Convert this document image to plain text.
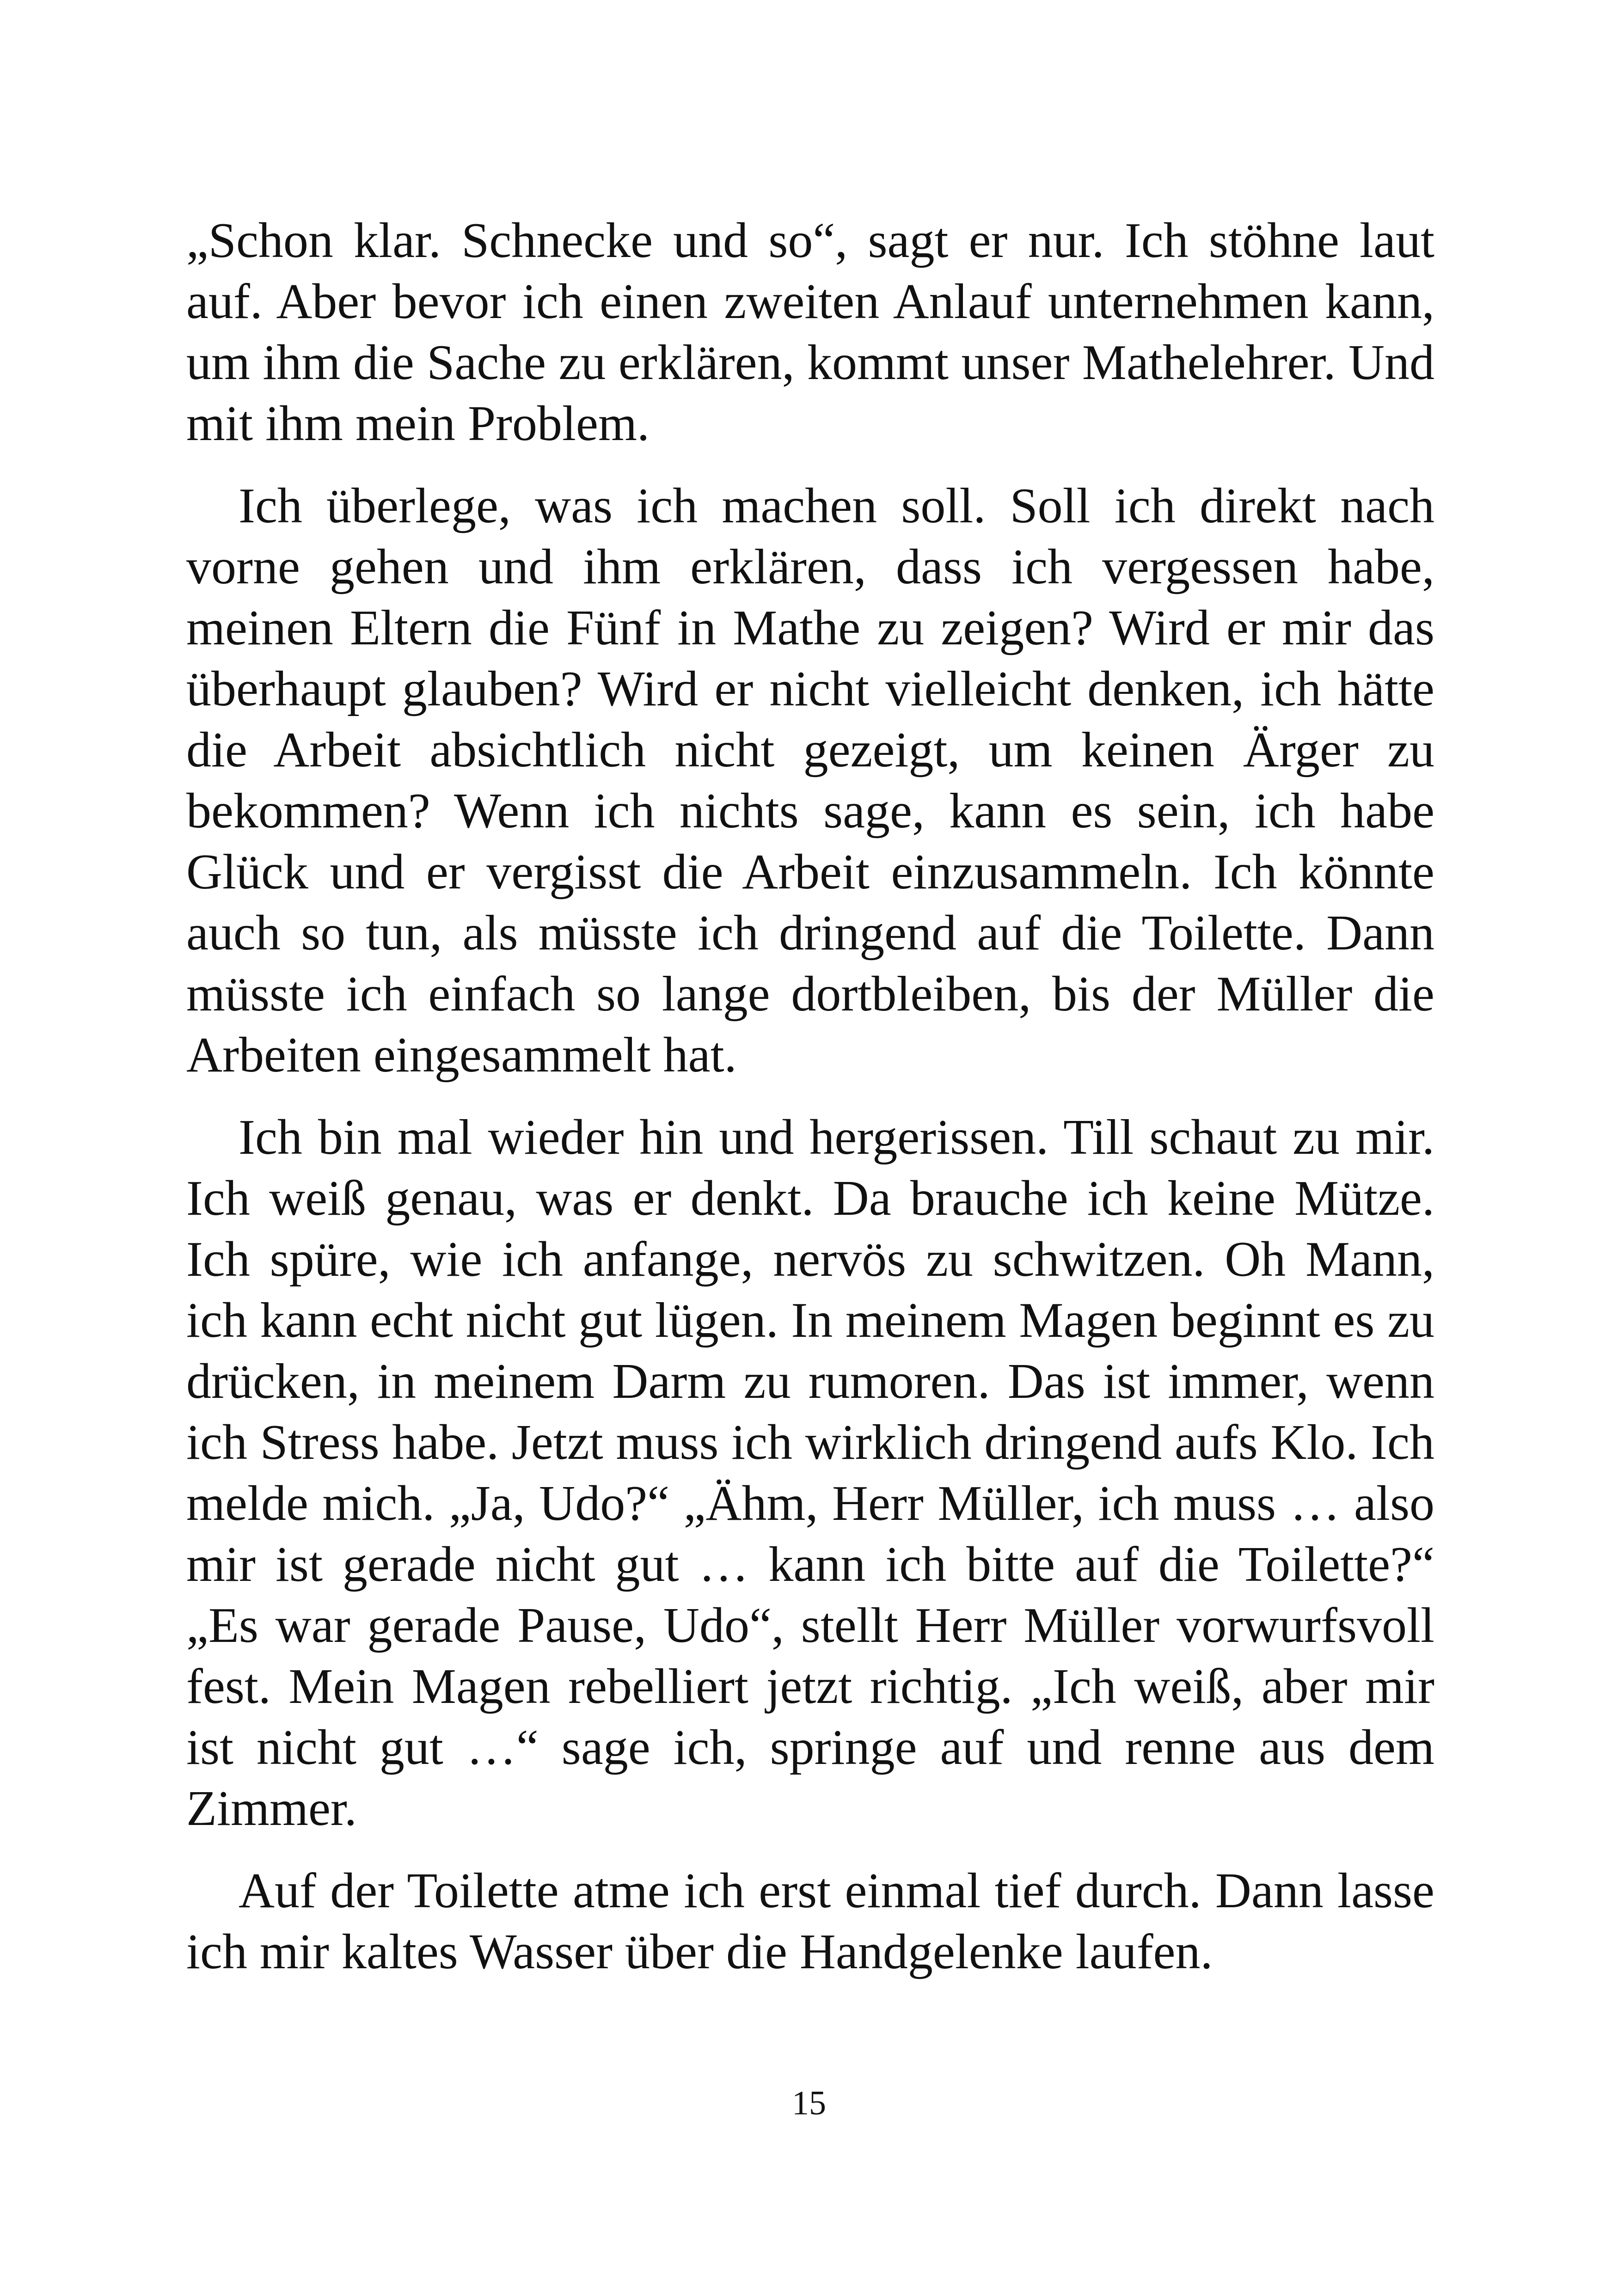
„Schon klar. Schnecke und so“, sagt er nur. Ich stöhne laut auf. Aber bevor ich einen zweiten Anlauf unternehmen kann, um ihm die Sache zu erklären, kommt unser Mathelehrer. Und mit ihm mein Problem.

Ich überlege, was ich machen soll. Soll ich direkt nach vorne gehen und ihm erklären, dass ich vergessen habe, meinen Eltern die Fünf in Mathe zu zeigen? Wird er mir das überhaupt glauben? Wird er nicht vielleicht denken, ich hätte die Arbeit absichtlich nicht gezeigt, um keinen Ärger zu bekommen? Wenn ich nichts sage, kann es sein, ich habe Glück und er vergisst die Arbeit einzusammeln. Ich könnte auch so tun, als müsste ich dringend auf die Toilette. Dann müsste ich einfach so lange dortbleiben, bis der Müller die Arbeiten eingesammelt hat.

Ich bin mal wieder hin und hergerissen. Till schaut zu mir. Ich weiß genau, was er denkt. Da brauche ich keine Mütze. Ich spüre, wie ich anfange, nervös zu schwitzen. Oh Mann, ich kann echt nicht gut lügen. In meinem Magen beginnt es zu drücken, in meinem Darm zu rumoren. Das ist immer, wenn ich Stress habe. Jetzt muss ich wirklich dringend aufs Klo. Ich melde mich. „Ja, Udo?“ „Ähm, Herr Müller, ich muss … also mir ist gerade nicht gut … kann ich bitte auf die Toilette?“ „Es war gerade Pause, Udo“, stellt Herr Müller vorwurfsvoll fest. Mein Magen rebelliert jetzt richtig. „Ich weiß, aber mir ist nicht gut …“ sage ich, springe auf und renne aus dem Zimmer.

Auf der Toilette atme ich erst einmal tief durch. Dann lasse ich mir kaltes Wasser über die Handgelenke laufen.

15
